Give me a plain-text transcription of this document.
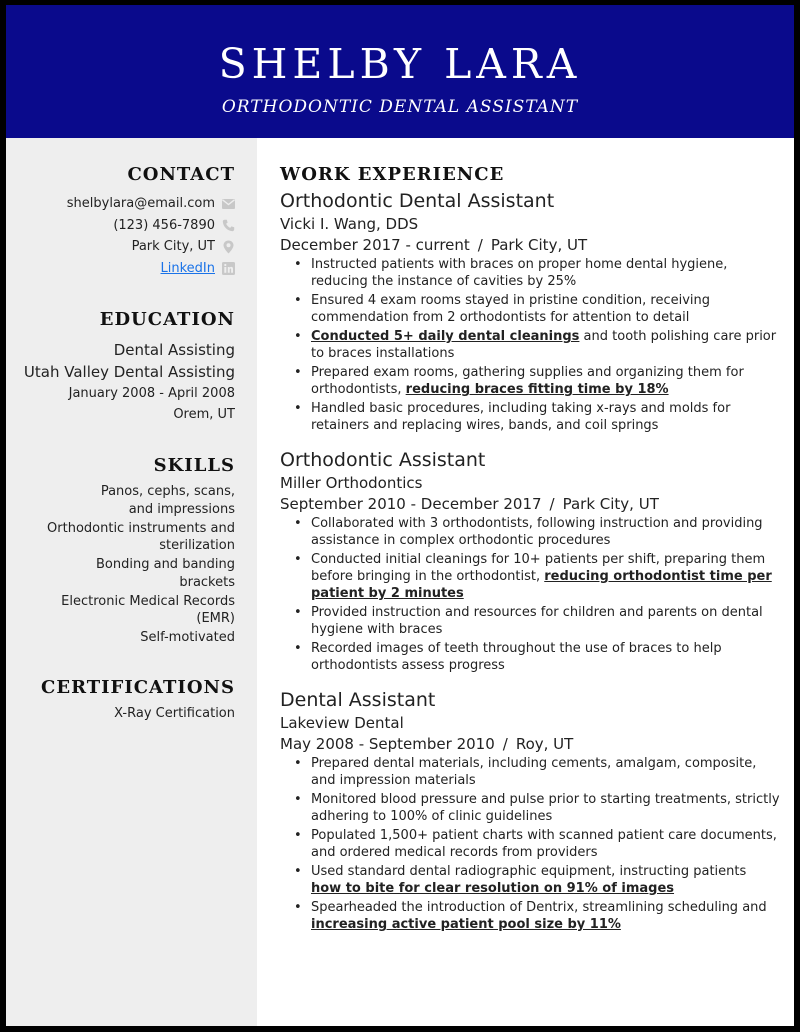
SHELBY LARA
ORTHODONTIC DENTAL ASSISTANT
CONTACT
shelbylara@email.com
(123) 456-7890
Park City, UT
LinkedIn
EDUCATION
Dental Assisting
Utah Valley Dental Assisting
January 2008 - April 2008
Orem, UT
SKILLS
Panos, cephs, scans, and impressions
Orthodontic instruments and sterilization
Bonding and banding brackets
Electronic Medical Records (EMR)
Self-motivated
CERTIFICATIONS
X-Ray Certification
WORK EXPERIENCE
Orthodontic Dental Assistant
Vicki I. Wang, DDS
December 2017 - current / Park City, UT
• Instructed patients with braces on proper home dental hygiene, reducing the instance of cavities by 25%
• Ensured 4 exam rooms stayed in pristine condition, receiving commendation from 2 orthodontists for attention to detail
• Conducted 5+ daily dental cleanings and tooth polishing care prior to braces installations
• Prepared exam rooms, gathering supplies and organizing them for orthodontists, reducing braces fitting time by 18%
• Handled basic procedures, including taking x-rays and molds for retainers and replacing wires, bands, and coil springs
Orthodontic Assistant
Miller Orthodontics
September 2010 - December 2017 / Park City, UT
• Collaborated with 3 orthodontists, following instruction and providing assistance in complex orthodontic procedures
• Conducted initial cleanings for 10+ patients per shift, preparing them before bringing in the orthodontist, reducing orthodontist time per patient by 2 minutes
• Provided instruction and resources for children and parents on dental hygiene with braces
• Recorded images of teeth throughout the use of braces to help orthodontists assess progress
Dental Assistant
Lakeview Dental
May 2008 - September 2010 / Roy, UT
• Prepared dental materials, including cements, amalgam, composite, and impression materials
• Monitored blood pressure and pulse prior to starting treatments, strictly adhering to 100% of clinic guidelines
• Populated 1,500+ patient charts with scanned patient care documents, and ordered medical records from providers
• Used standard dental radiographic equipment, instructing patients how to bite for clear resolution on 91% of images
• Spearheaded the introduction of Dentrix, streamlining scheduling and increasing active patient pool size by 11%
